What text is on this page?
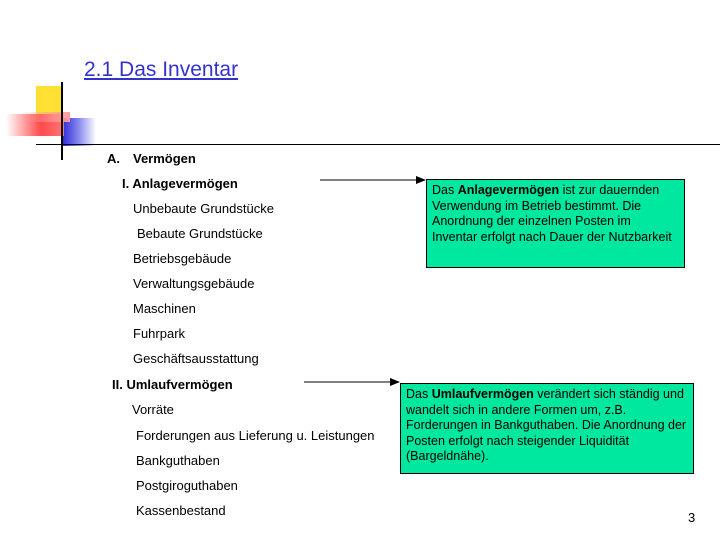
2.1 Das Inventar
A. Vermögen
I. Anlagevermögen
Unbebaute Grundstücke
Bebaute Grundstücke
Betriebsgebäude
Verwaltungsgebäude
Maschinen
Fuhrpark
Geschäftsausstattung
II. Umlaufvermögen
Vorräte
Forderungen aus Lieferung u. Leistungen
Bankguthaben
Postgiroguthaben
Kassenbestand
Das Anlagevermögen ist zur dauernden Verwendung im Betrieb bestimmt. Die Anordnung der einzelnen Posten im Inventar erfolgt nach Dauer der Nutzbarkeit
Das Umlaufvermögen verändert sich ständig und wandelt sich in andere Formen um, z.B. Forderungen in Bankguthaben. Die Anordnung der Posten erfolgt nach steigender Liquidität (Bargeldnähe).
3
